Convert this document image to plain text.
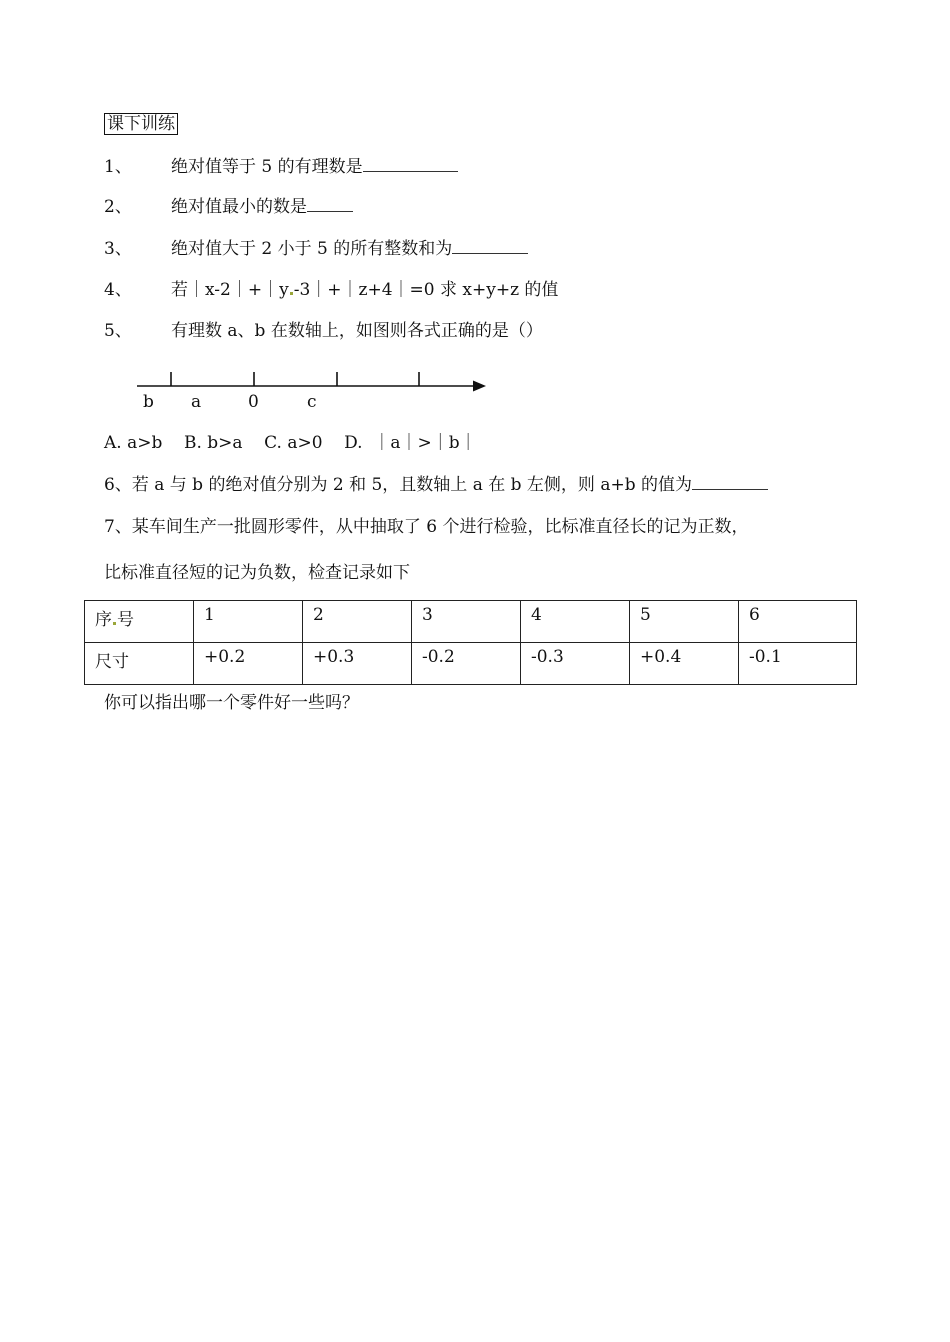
课下训练
1、 绝对值等于 5 的有理数是
2、 绝对值最小的数是
3、 绝对值大于 2 小于 5 的所有整数和为
4、 若｜x-2｜+｜y -3｜+｜z+4｜=0 求 x+y+z 的值
5、 有理数 a、b 在数轴上，如图则各式正确的是（）
b a	0	c
A. a>b    B. b>a    C. a>0    D.  ｜a｜>｜b｜
6、若 a 与 b 的绝对值分别为 2 和 5，且数轴上 a 在 b 左侧，则 a+b 的值为
7、某车间生产一批圆形零件，从中抽取了 6 个进行检验，比标准直径长的记为正数，
比标准直径短的记为负数，检查记录如下
序 号	1	2	3	4	5	6
尺寸	+0.2	+0.3	-0.2	-0.3	+0.4	-0.1
你可以指出哪一个零件好一些吗？
